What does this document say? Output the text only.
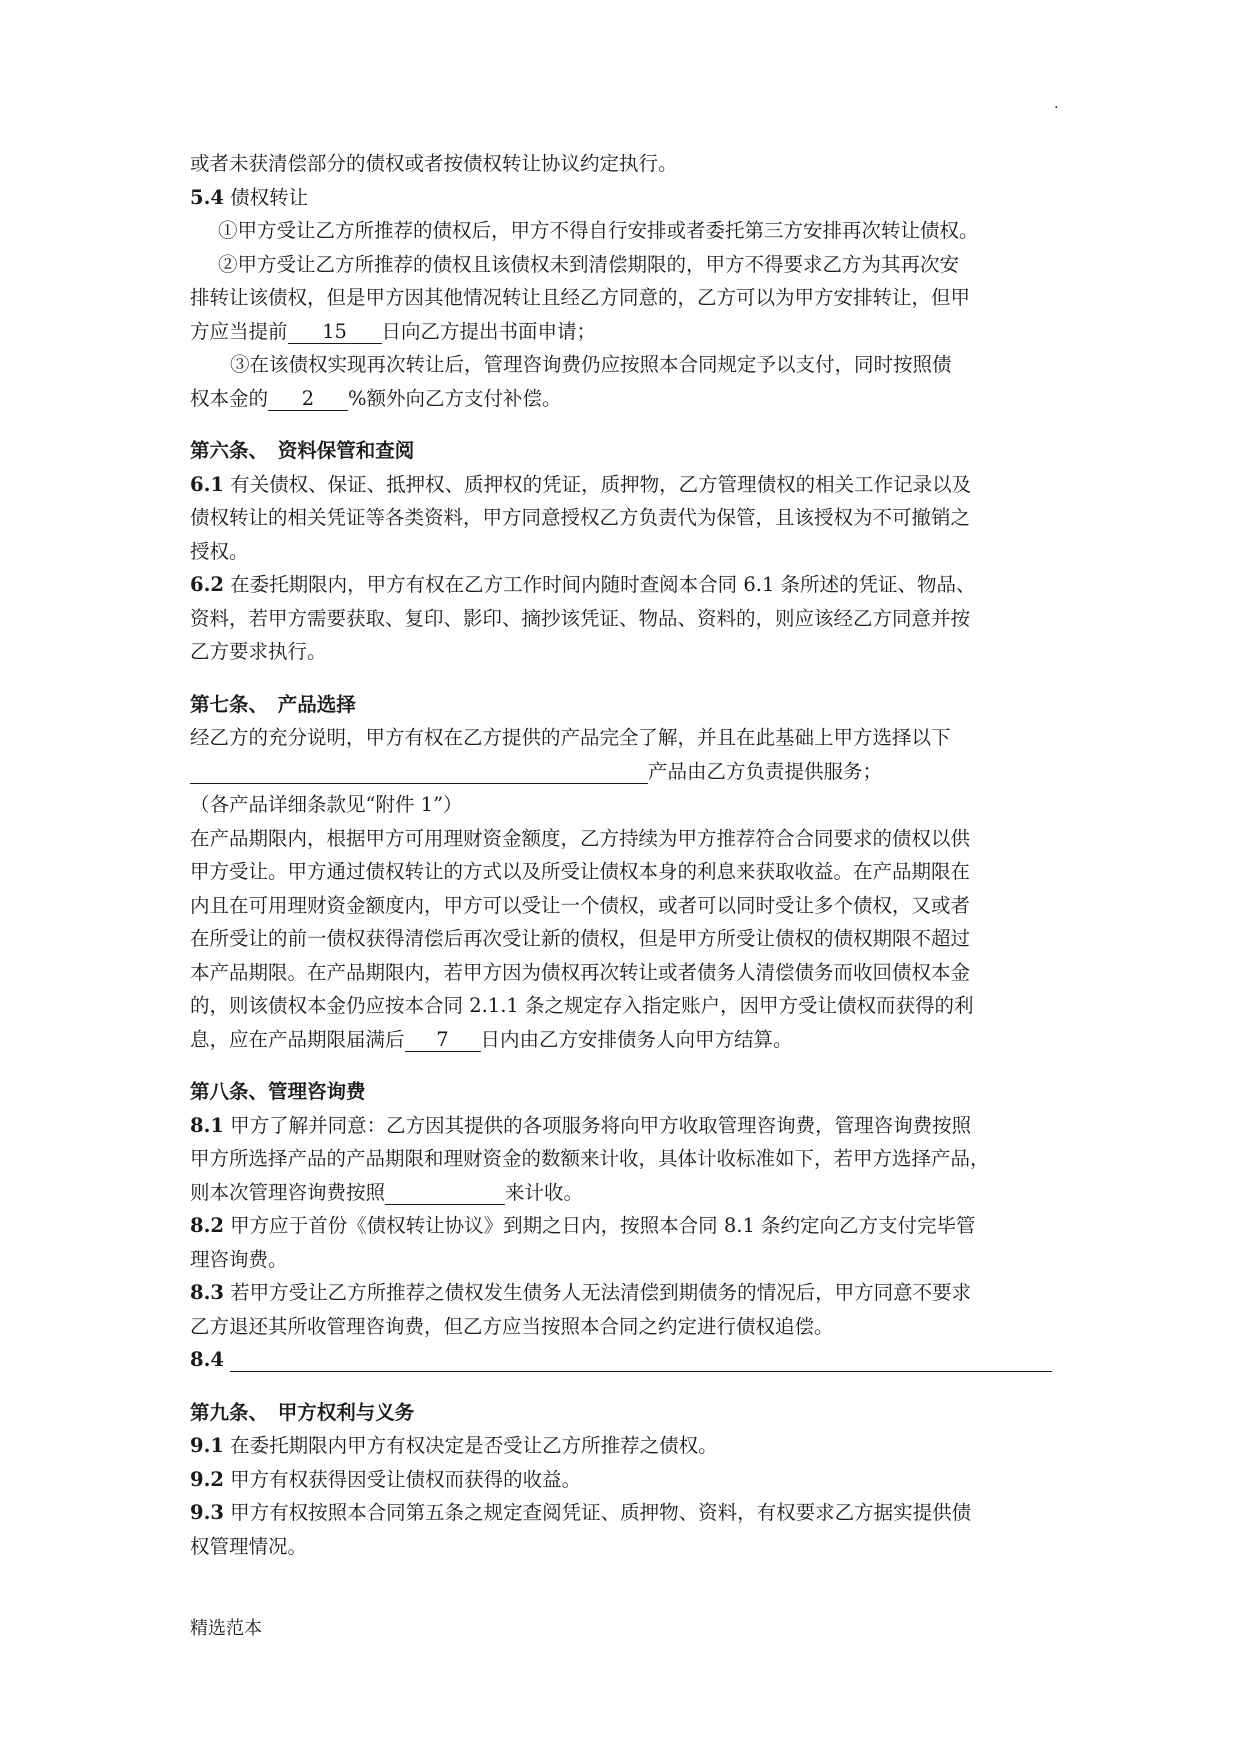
.
或者未获清偿部分的债权或者按债权转让协议约定执行。
5.4 债权转让
①甲方受让乙方所推荐的债权后，甲方不得自行安排或者委托第三方安排再次转让债权。
②甲方受让乙方所推荐的债权且该债权未到清偿期限的，甲方不得要求乙方为其再次安
排转让该债权，但是甲方因其他情况转让且经乙方同意的，乙方可以为甲方安排转让，但甲
方应当提前 15 日向乙方提出书面申请；
③在该债权实现再次转让后，管理咨询费仍应按照本合同规定予以支付，同时按照债
权本金的 2 %额外向乙方支付补偿。
第六条、　资料保管和查阅
6.1 有关债权、保证、抵押权、质押权的凭证，质押物，乙方管理债权的相关工作记录以及
债权转让的相关凭证等各类资料，甲方同意授权乙方负责代为保管，且该授权为不可撤销之
授权。
6.2 在委托期限内，甲方有权在乙方工作时间内随时查阅本合同 6.1 条所述的凭证、物品、
资料，若甲方需要获取、复印、影印、摘抄该凭证、物品、资料的，则应该经乙方同意并按
乙方要求执行。
第七条、　产品选择
经乙方的充分说明，甲方有权在乙方提供的产品完全了解，并且在此基础上甲方选择以下
产品由乙方负责提供服务；
（各产品详细条款见“附件 1”）
在产品期限内，根据甲方可用理财资金额度，乙方持续为甲方推荐符合合同要求的债权以供
甲方受让。甲方通过债权转让的方式以及所受让债权本身的利息来获取收益。在产品期限在
内且在可用理财资金额度内，甲方可以受让一个债权，或者可以同时受让多个债权，又或者
在所受让的前一债权获得清偿后再次受让新的债权，但是甲方所受让债权的债权期限不超过
本产品期限。在产品期限内，若甲方因为债权再次转让或者债务人清偿债务而收回债权本金
的，则该债权本金仍应按本合同 2.1.1 条之规定存入指定账户，因甲方受让债权而获得的利
息，应在产品期限届满后 7 日内由乙方安排债务人向甲方结算。
第八条、管理咨询费
8.1 甲方了解并同意：乙方因其提供的各项服务将向甲方收取管理咨询费，管理咨询费按照
甲方所选择产品的产品期限和理财资金的数额来计收，具体计收标准如下，若甲方选择产品，
则本次管理咨询费按照	来计收。
8.2 甲方应于首份《债权转让协议》到期之日内，按照本合同 8.1 条约定向乙方支付完毕管
理咨询费。
8.3 若甲方受让乙方所推荐之债权发生债务人无法清偿到期债务的情况后，甲方同意不要求
乙方退还其所收管理咨询费，但乙方应当按照本合同之约定进行债权追偿。
8.4
第九条、　甲方权利与义务
9.1 在委托期限内甲方有权决定是否受让乙方所推荐之债权。
9.2 甲方有权获得因受让债权而获得的收益。
9.3 甲方有权按照本合同第五条之规定查阅凭证、质押物、资料，有权要求乙方据实提供债
权管理情况。
精选范本
